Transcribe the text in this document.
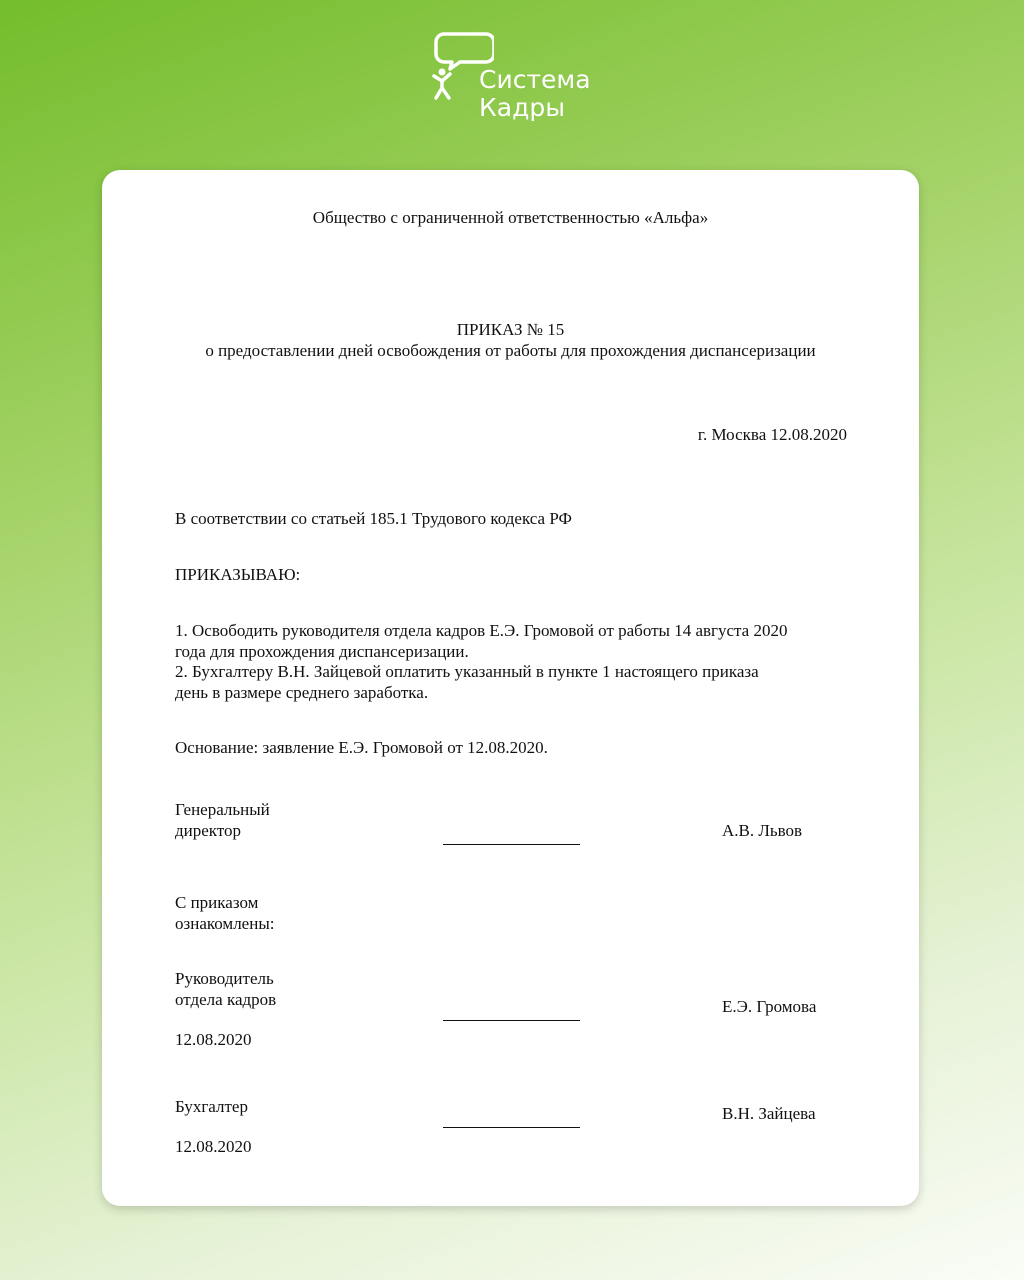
Система
Кадры
Общество с ограниченной ответственностью «Альфа»
ПРИКАЗ № 15
о предоставлении дней освобождения от работы для прохождения диспансеризации
г. Москва 12.08.2020
В соответствии со статьей 185.1 Трудового кодекса РФ
ПРИКАЗЫВАЮ:
1. Освободить руководителя отдела кадров Е.Э. Громовой от работы 14 августа 2020
года для прохождения диспансеризации.
2. Бухгалтеру В.Н. Зайцевой оплатить указанный в пункте 1 настоящего приказа
день в размере среднего заработка.
Основание: заявление Е.Э. Громовой от 12.08.2020.
Генеральный
директор	А.В. Львов
С приказом
ознакомлены:
Руководитель
отдела кадров	Е.Э. Громова
12.08.2020
Бухгалтер	В.Н. Зайцева
12.08.2020
